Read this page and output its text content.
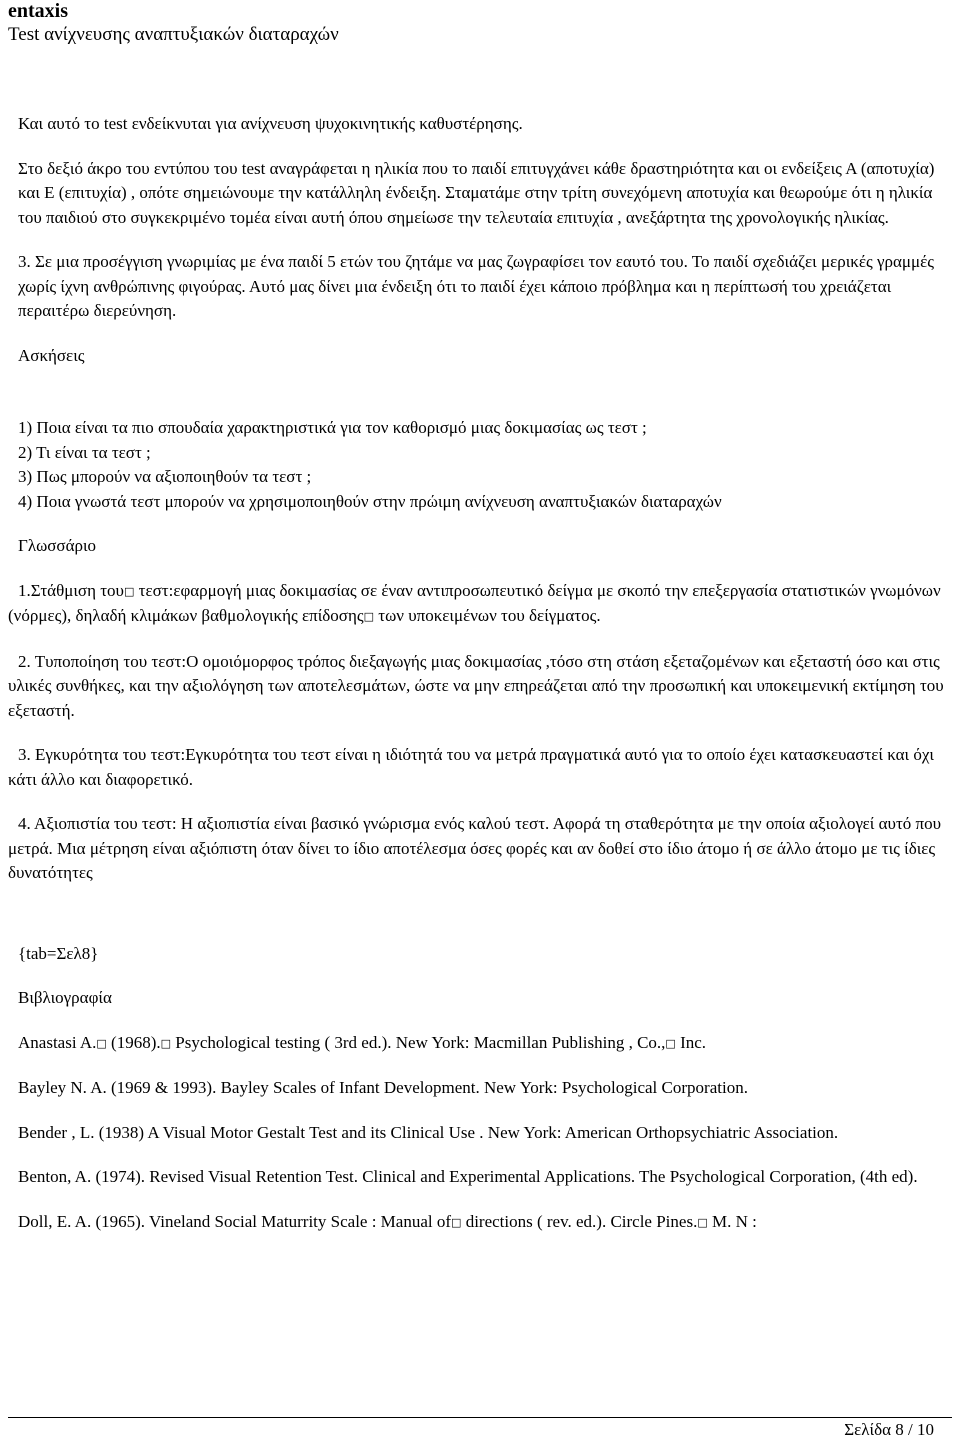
entaxis

Test ανίχνευσης αναπτυξιακών διαταραχών

Και αυτό το test ενδείκνυται για ανίχνευση ψυχοκινητικής καθυστέρησης.

Στο δεξιό άκρο του εντύπου του test αναγράφεται η ηλικία που το παιδί επιτυγχάνει κάθε δραστηριότητα και οι ενδείξεις Α (αποτυχία) και Ε (επιτυχία) , οπότε σημειώνουμε την κατάλληλη ένδειξη. Σταματάμε στην τρίτη συνεχόμενη αποτυχία και θεωρούμε ότι η ηλικία του παιδιού στο συγκεκριμένο τομέα είναι αυτή όπου σημείωσε την τελευταία επιτυχία , ανεξάρτητα της χρονολογικής ηλικίας.

3. Σε μια προσέγγιση γνωριμίας με ένα παιδί 5 ετών του ζητάμε να μας ζωγραφίσει τον εαυτό του. Το παιδί σχεδιάζει μερικές γραμμές χωρίς ίχνη ανθρώπινης φιγούρας. Αυτό μας δίνει μια ένδειξη ότι το παιδί έχει κάποιο πρόβλημα και η περίπτωσή του χρειάζεται περαιτέρω διερεύνηση.

Ασκήσεις

1) Ποια είναι τα πιο σπουδαία χαρακτηριστικά για τον καθορισμό μιας δοκιμασίας ως τεστ ;

2) Τι είναι τα τεστ ;

3) Πως μπορούν να αξιοποιηθούν τα τεστ ;

4) Ποια γνωστά τεστ μπορούν να χρησιμοποιηθούν στην πρώιμη ανίχνευση αναπτυξιακών διαταραχών

Γλωσσάριο

1.Στάθμιση του□ τεστ:εφαρμογή μιας δοκιμασίας σε έναν αντιπροσωπευτικό δείγμα με σκοπό την επεξεργασία στατιστικών γνωμόνων (νόρμες), δηλαδή κλιμάκων βαθμολογικής επίδοσης□ των υποκειμένων του δείγματος.

2. Τυποποίηση του τεστ:Ο ομοιόμορφος τρόπος διεξαγωγής μιας δοκιμασίας ,τόσο στη στάση εξεταζομένων και εξεταστή όσο και στις υλικές συνθήκες, και την αξιολόγηση των αποτελεσμάτων, ώστε να μην επηρεάζεται από την προσωπική και υποκειμενική εκτίμηση του εξεταστή.

3. Εγκυρότητα του τεστ:Εγκυρότητα του τεστ είναι η ιδιότητά του να μετρά πραγματικά αυτό για το οποίο έχει κατασκευαστεί και όχι κάτι άλλο και διαφορετικό.

4. Αξιοπιστία του τεστ: Η αξιοπιστία είναι βασικό γνώρισμα ενός καλού τεστ. Αφορά τη σταθερότητα με την οποία αξιολογεί αυτό που μετρά. Μια μέτρηση είναι αξιόπιστη όταν δίνει το ίδιο αποτέλεσμα όσες φορές και αν δοθεί στο ίδιο άτομο ή σε άλλο άτομο με τις ίδιες δυνατότητες

{tab=Σελ8}

Βιβλιογραφία

Anastasi A.□ (1968).□ Psychological testing ( 3rd ed.). New York: Macmillan Publishing , Co.,□ Inc.

Bayley N. A. (1969 & 1993). Bayley Scales of Infant Development. New York: Psychological Corporation.

Bender , L. (1938) A Visual Motor Gestalt Test and its Clinical Use . New York: American Orthopsychiatric Association.

Benton, A. (1974). Revised Visual Retention Test. Clinical and Experimental Applications. The Psychological Corporation, (4th ed).

Doll, E. A. (1965). Vineland Social Maturrity Scale : Manual of□ directions ( rev. ed.). Circle Pines.□ M. N :

Σελίδα 8 / 10
